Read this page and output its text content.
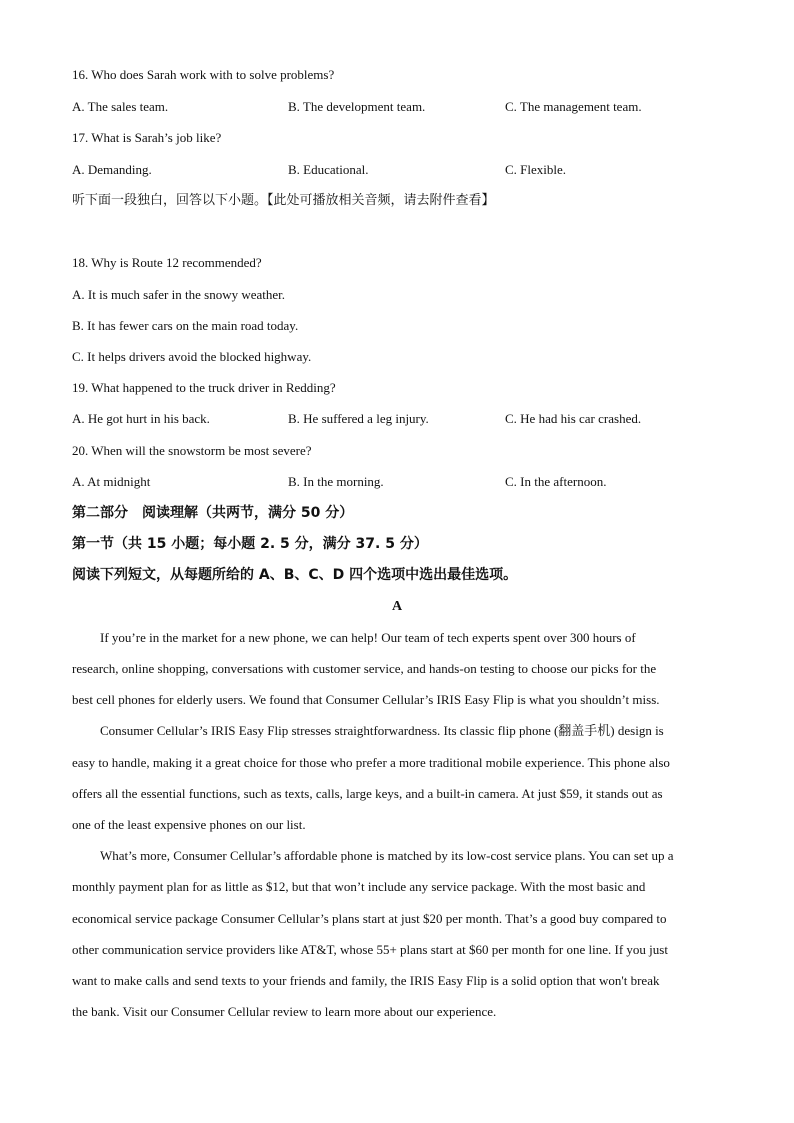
16. Who does Sarah work with to solve problems?
A. The sales team.	B. The development team.	C. The management team.
17. What is Sarah’s job like?
A. Demanding.	B. Educational.	C. Flexible.
听下面一段独白，回答以下小题。【此处可播放相关音频，请去附件查看】
18. Why is Route 12 recommended?
A. It is much safer in the snowy weather.
B. It has fewer cars on the main road today.
C. It helps drivers avoid the blocked highway.
19. What happened to the truck driver in Redding?
A. He got hurt in his back.	B. He suffered a leg injury.	C. He had his car crashed.
20. When will the snowstorm be most severe?
A. At midnight	B. In the morning.	C. In the afternoon.
第二部分　阅读理解（共两节，满分 50 分）
第一节（共 15 小题；每小题 2. 5 分，满分 37. 5 分）
阅读下列短文，从每题所给的 A、B、C、D 四个选项中选出最佳选项。
A
If you’re in the market for a new phone, we can help! Our team of tech experts spent over 300 hours of
research, online shopping, conversations with customer service, and hands-on testing to choose our picks for the
best cell phones for elderly users. We found that Consumer Cellular’s IRIS Easy Flip is what you shouldn’t miss.
Consumer Cellular’s IRIS Easy Flip stresses straightforwardness. Its classic flip phone (翻盖手机) design is
easy to handle, making it a great choice for those who prefer a more traditional mobile experience. This phone also
offers all the essential functions, such as texts, calls, large keys, and a built-in camera. At just $59, it stands out as
one of the least expensive phones on our list.
What’s more, Consumer Cellular’s affordable phone is matched by its low-cost service plans. You can set up a
monthly payment plan for as little as $12, but that won’t include any service package. With the most basic and
economical service package Consumer Cellular’s plans start at just $20 per month. That’s a good buy compared to
other communication service providers like AT&T, whose 55+ plans start at $60 per month for one line. If you just
want to make calls and send texts to your friends and family, the IRIS Easy Flip is a solid option that won't break
the bank. Visit our Consumer Cellular review to learn more about our experience.
